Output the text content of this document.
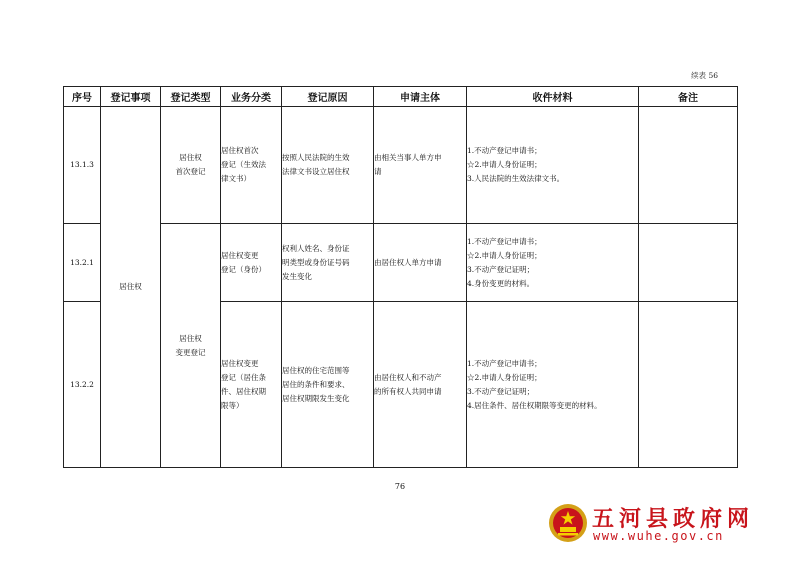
续表 56
序号	登记事项	登记类型	业务分类	登记原因	申请主体	收件材料	备注
13.1.3	居住权	居住权
首次登记	居住权首次
登记（生效法
律文书）	按照人民法院的生效
法律文书设立居住权	由相关当事人单方申
请	1.不动产登记申请书；
☆2.申请人身份证明；
3.人民法院的生效法律文书。	

13.2.1		居住权
变更登记	居住权变更
登记（身份）	权利人姓名、身份证
明类型或身份证号码
发生变化	由居住权人单方申请	1.不动产登记申请书；
☆2.申请人身份证明；
3.不动产登记证明；
4.身份变更的材料。	

13.2.2			居住权变更
登记（居住条
件、居住权期
限等）	居住权的住宅范围等
居住的条件和要求、
居住权期限发生变化	由居住权人和不动产
的所有权人共同申请	1.不动产登记申请书；
☆2.申请人身份证明；
3.不动产登记证明；
4.居住条件、居住权期限等变更的材料。	

76
五河县政府网
www.wuhe.gov.cn
